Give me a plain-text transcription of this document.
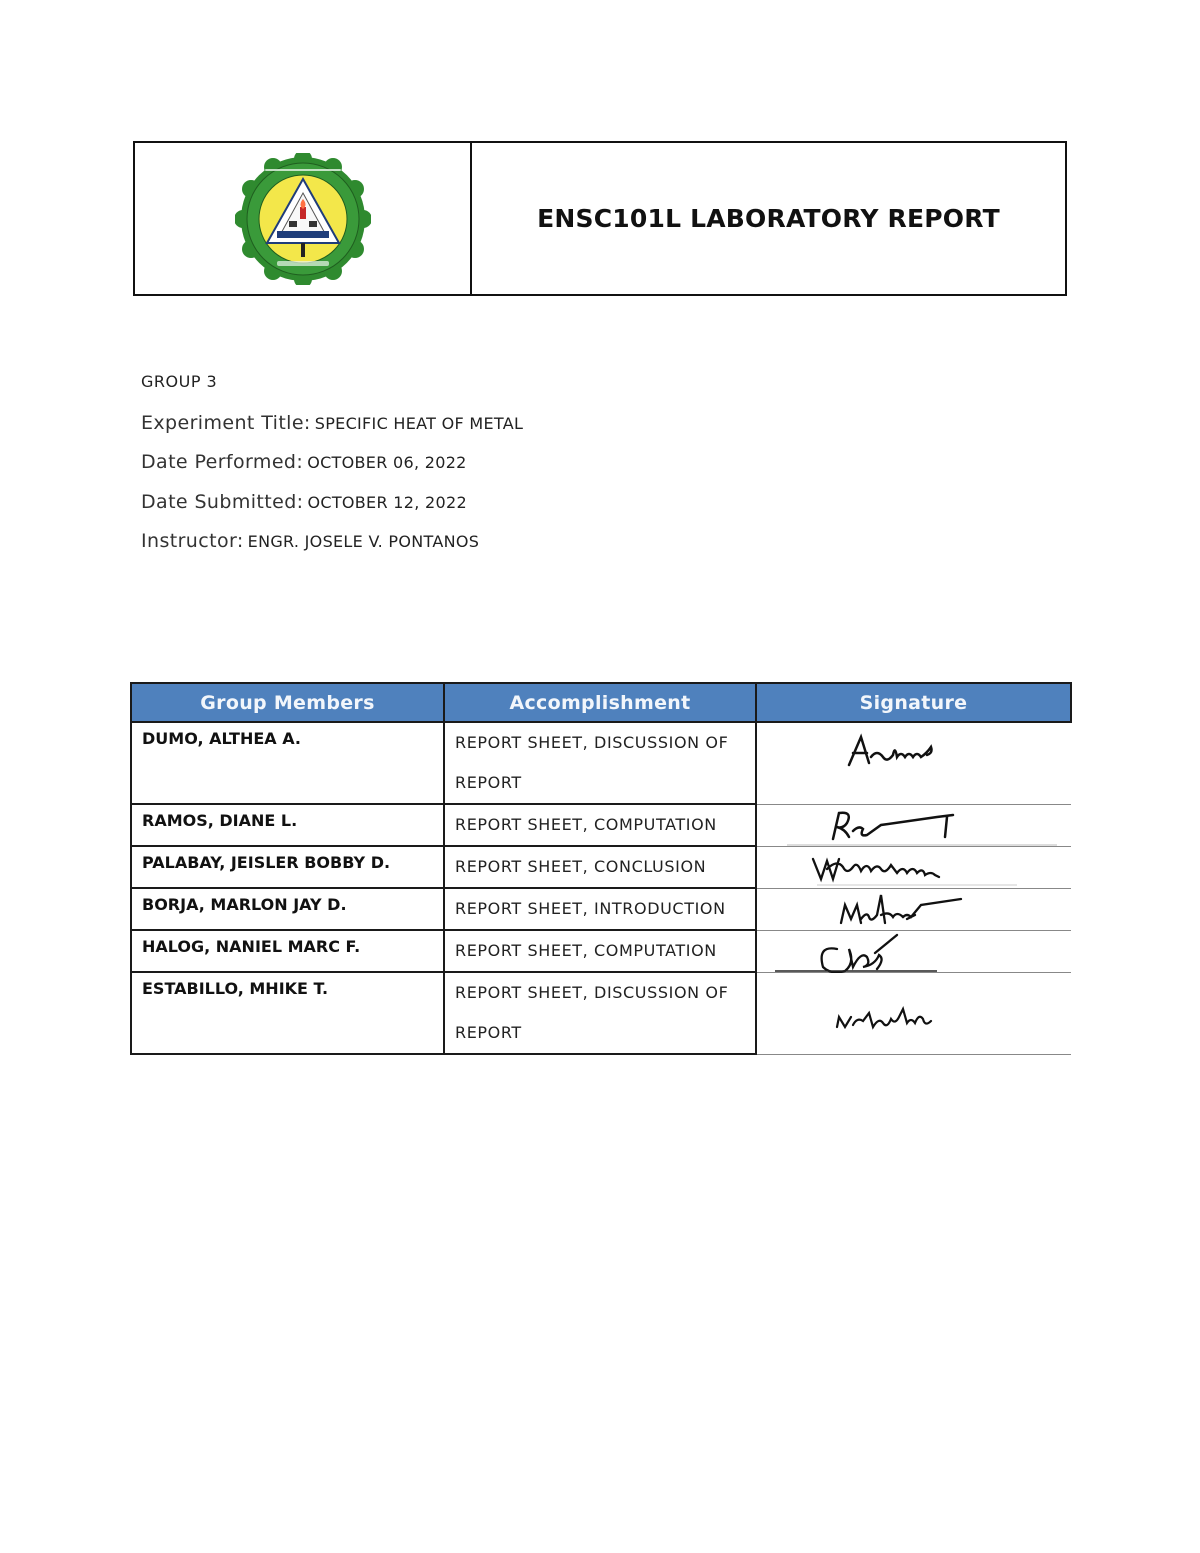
ENSC101L LABORATORY REPORT
GROUP 3
Experiment Title: SPECIFIC HEAT OF METAL
Date Performed: OCTOBER 06, 2022
Date Submitted: OCTOBER 12, 2022
Instructor: ENGR. JOSELE V. PONTANOS
Group Members	Accomplishment	Signature
DUMO, ALTHEA A.	REPORT SHEET, DISCUSSION OF
REPORT

RAMOS, DIANE L.	REPORT SHEET, COMPUTATION

PALABAY, JEISLER BOBBY D.	REPORT SHEET, CONCLUSION

BORJA, MARLON JAY D.	REPORT SHEET, INTRODUCTION

HALOG, NANIEL MARC F.	REPORT SHEET, COMPUTATION

ESTABILLO, MHIKE T.	REPORT SHEET, DISCUSSION OF
REPORT
